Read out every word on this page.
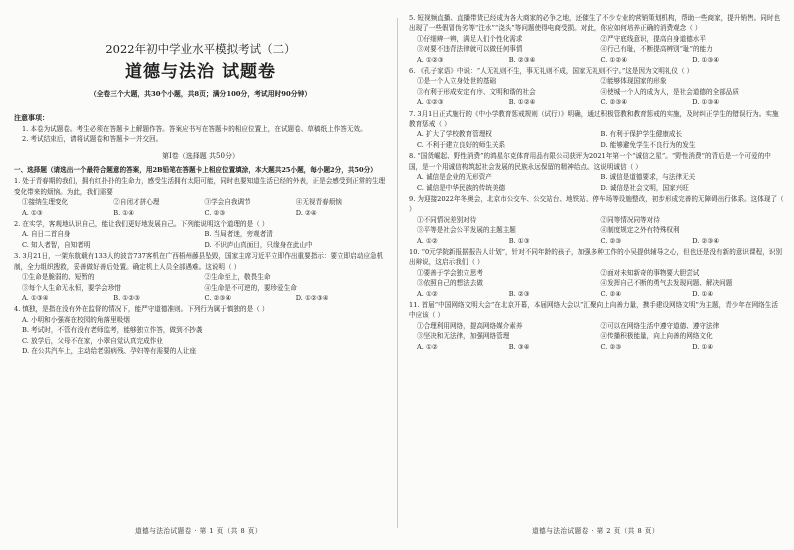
2022年初中学业水平模拟考试（二）
道德与法治 试题卷
（全卷三个大题，共30个小题，共8页；满分100分，考试用时90分钟）
注意事项：
1. 本卷为试题卷。考生必须在答题卡上解题作答。答案应书写在答题卡的相应位置上，在试题卷、草稿纸上作答无效。
2. 考试结束后，请将试题卷和答题卡一并交回。
第Ⅰ卷（选择题 共50分）
一、选择题（请选出一个最符合题意的答案，用2B铅笔在答题卡上相应位置填涂，本大题共25小题，每小题2分，共50分）
1. 处于青春期的我们，拥有红扑扑的生命力，感受生活拥有太阳可能，同时也要知道生活已经的外表，正是会感受到正常的生理变化带来的烦恼。为此，我们需要
①接纳生理变化	②自闭才拼心理	③学会自我调节	④无视青春烦恼
A. ①③	B. ①④	C. ②③	D. ②④
2. 在实学，客观地认识自己，能让我们更好地发展自己。下列能说明这个道理的是（ ）
A. 自日二首自身	B. 当局者迷，旁观者清
C. 知人者智，自知者明	D. 不识庐山真面目，只缘身在此山中
3. 3月21日，一架东航载有133人的波音737客机在广西梧州藤县坠毁，国家主席习近平立即作出重要指示：要立即启动应急机制，全力组织搜救，妥善做好善后处置。确定机上人员全部遇难。这说明（ ）
①生命是脆弱的、短暂的	②生命至上，敬畏生命
③每个人生命无永恒，要学会珍惜	④生命是不可逆的，要珍爱生命
A. ①③④	B. ①②③	C. ②③④	D. ①②③④
4. 慎独，是指在没有外在监督的情况下，能严守道德准则。下列行为属于慎独的是（ ）
A. 小明和小强赛在校园的角落里吸烟
B. 考试时，不管有没有老师监考，能够独立作答，做到不抄袭
C. 放学后，父母不在家，小翠自觉认真完成作业
D. 在公共汽车上，主动给老弱病残、孕妇等有需要的人让座
道德与法治试题卷 · 第 1 页（共 8 页）
5. 短视频直播、直播带货已经成为各大商家的必争之地，还催生了不少专业的营销策划机构，帮助一些商家，提升销售。同时也出现了一些假冒伪劣等“注水”“浇头”等问题使得电商受损。对此，你应如何培养正确的消费观念（ ）
①仔细辨一辨，满足人们个性化需求	②严守底线意识，提高自身道德水平
③对要不违背法律就可以做任何事情	④行己有耻，不断提高辨别“耻”的能力
A. ①②③	B. ②③④	C. ①②④	D. ①③④
6. 《孔子家语》中说：“人无礼则不生，事无礼则不成，国家无礼则不宁。”这是因为文明礼仪（ ）
①是一个人立身处世的基础	②能够体现国家的形象
③有利于形成安定有序、文明和谐的社会	④使城一个人的成为人，是社会道德的全部品质
A. ①②③	B. ①②④	C. ②③④	D. ①③④
7. 3月1日正式施行的《中小学教育惩戒规则（试行）》明确，通过积极管教和教育惩戒的实施，及时纠正学生的错误行为。实施教育惩戒（ ）
A. 扩大了学校教育管理权	B. 有利于保护学生健康成长
C. 不利于建立良好的师生关系	D. 能够避免学生不良行为的发生
8. “国货崛起、野性消费”的鸿星尔克体育用品有限公司获评为2021年第一个“诚信之星”。“野性消费”的背后是一个可爱的中国，是一个用诚信构筑起社会发展的民族永远保留的精神给点。这说明诚信（ ）
A. 诚信是企业的无形资产	B. 诚信是道德要求，与法律无关
C. 诚信是中华民族的传统美德	D. 诚信是社会文明，国家兴旺
9. 为迎接2022年冬奥会，北京市公交车、公交站台、地铁站、停车场等设施整改，初步形成完善的无障碍出行体系。这体现了（ ）
①不同情况差别对待	②同等情况同等对待
③平等是社会公平发展的主题主题	④制度规定之外有特殊权利
A. ①②	B. ①③	C. ②③	D. ②③④
10. “0元学院新报据报告人计划”，针对不同年龄的孩子，加强多种工作的小吴提供辅导之心，但也还是没有新的意识课程，识别出辩说，这启示我们（ ）
①要善于学会独立思考	②面对未知新奇的事物要大胆尝试
③依照自己的想法去做	④发挥自己不断的勇气去发现问题、解决问题
A. ①②	B. ②③	C. ②④	D. ①④
11. 首届“中国网络文明大会”在北京开幕，本届网络大会以“汇聚向上向善力量，携手建设网络文明”为主题，青少年在网络生活中应该（ ）
①合理利用网络，提高网络媒介素养	②可以在网络生活中遵守道德、遵守法律
③坚决和无法律，加强网络管理	④传播积极能量，向上向善的网络文化
A. ①②	B. ③④	C. ②③	D. ①④
道德与法治试题卷 · 第 2 页（共 8 页）
